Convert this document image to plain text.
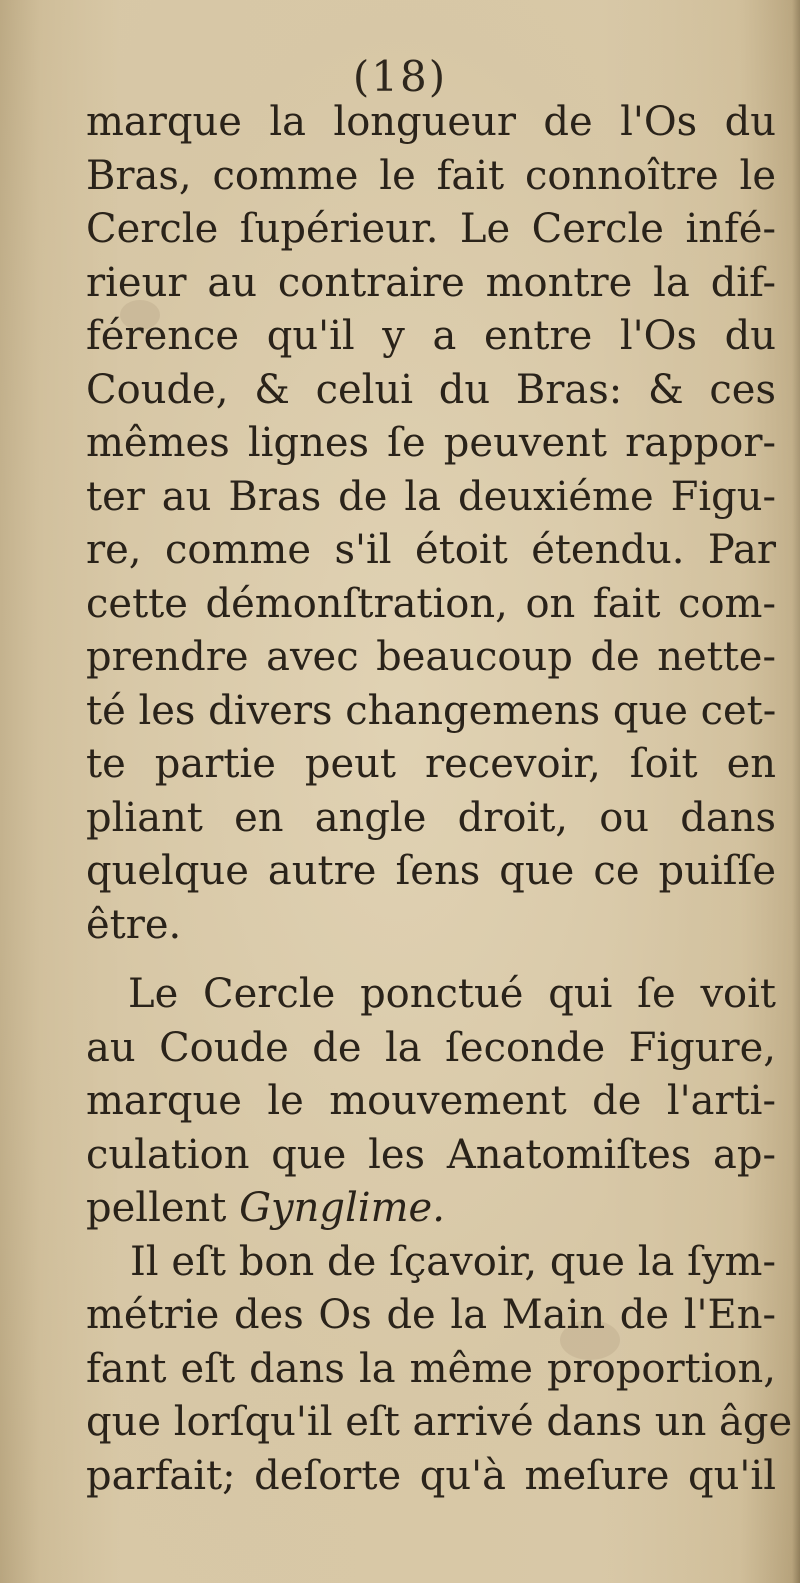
(18)
marque la longueur de l'Os du
Bras, comme le fait connoître le
Cercle ſupérieur. Le Cercle infé-
rieur au contraire montre la dif-
férence qu'il y a entre l'Os du
Coude, & celui du Bras: & ces
mêmes lignes ſe peuvent rappor-
ter au Bras de la deuxiéme Figu-
re, comme s'il étoit étendu. Par
cette démonſtration, on fait com-
prendre avec beaucoup de nette-
té les divers changemens que cet-
te partie peut recevoir, ſoit en
pliant en angle droit, ou dans
quelque autre ſens que ce puiſſe
être.
Le Cercle ponctué qui ſe voit
au Coude de la ſeconde Figure,
marque le mouvement de l'arti-
culation que les Anatomiſtes ap-
pellent Gynglime.
Il eſt bon de ſçavoir, que la ſym-
métrie des Os de la Main de l'En-
fant eſt dans la même proportion,
que lorſqu'il eſt arrivé dans un âge
parfait; deſorte qu'à meſure qu'il
